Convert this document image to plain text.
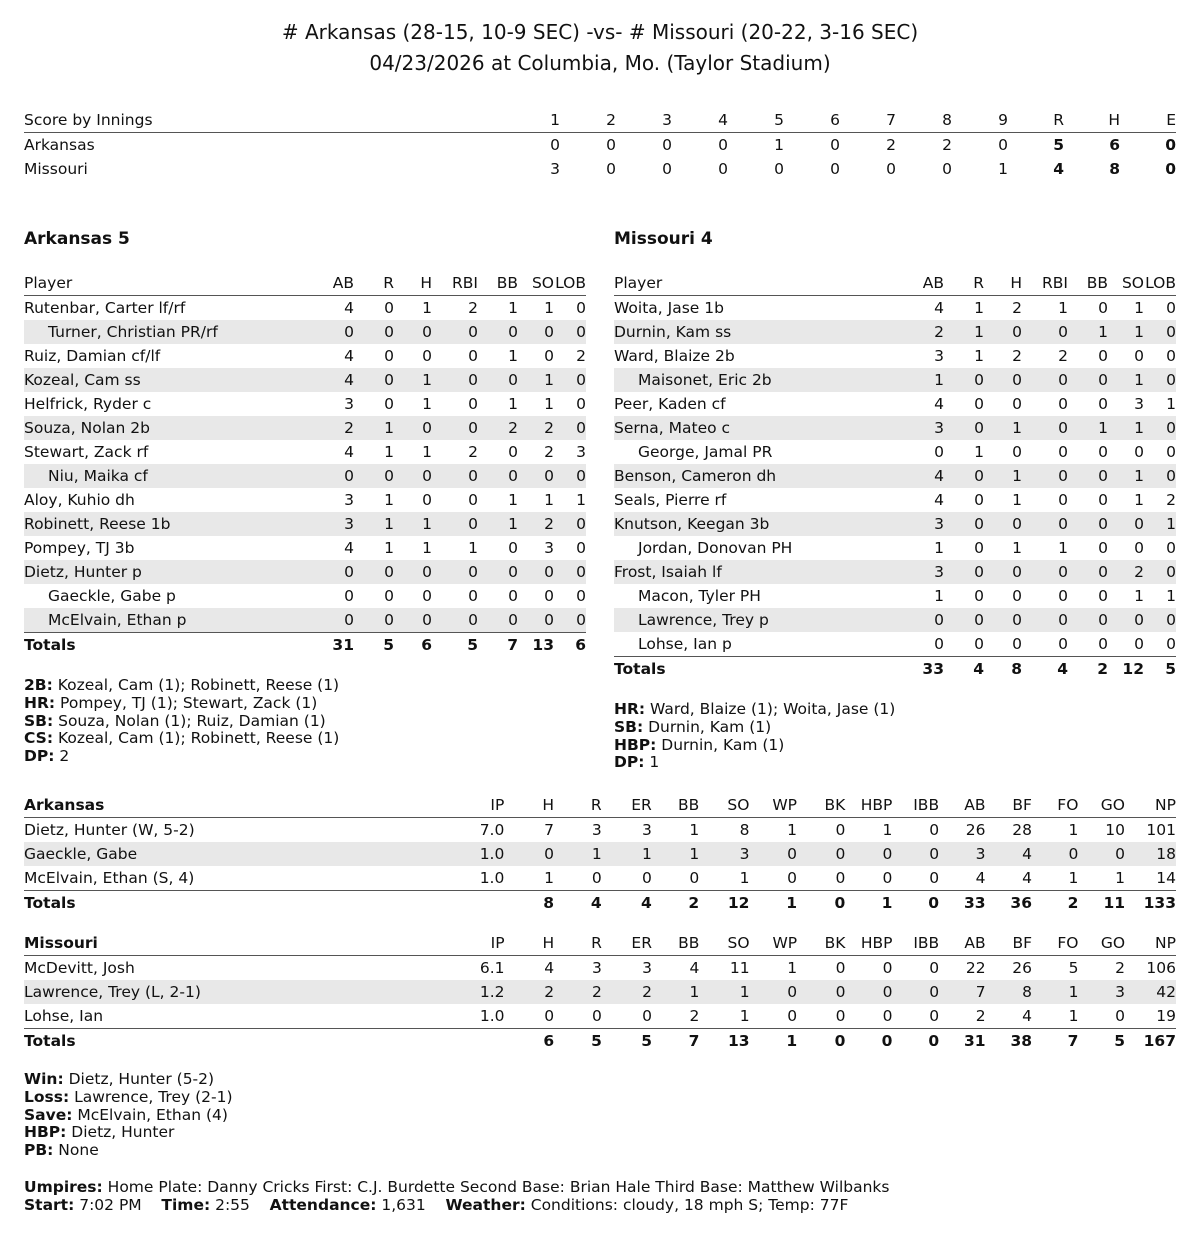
# Arkansas (28-15, 10-9 SEC) -vs- # Missouri (20-22, 3-16 SEC)
04/23/2026 at Columbia, Mo. (Taylor Stadium)
Score by Innings	1	2	3	4	5	6	7	8	9	R	H	E
Arkansas	0	0	0	0	1	0	2	2	0	5	6	0
Missouri	3	0	0	0	0	0	0	0	1	4	8	0
Arkansas 5	Missouri 4
Player	AB	R	H	RBI	BB	SO	LOB
Rutenbar, Carter lf/rf	4	0	1	2	1	1	0
Turner, Christian PR/rf	0	0	0	0	0	0	0
Ruiz, Damian cf/lf	4	0	0	0	1	0	2
Kozeal, Cam ss	4	0	1	0	0	1	0
Helfrick, Ryder c	3	0	1	0	1	1	0
Souza, Nolan 2b	2	1	0	0	2	2	0
Stewart, Zack rf	4	1	1	2	0	2	3
Niu, Maika cf	0	0	0	0	0	0	0
Aloy, Kuhio dh	3	1	0	0	1	1	1
Robinett, Reese 1b	3	1	1	0	1	2	0
Pompey, TJ 3b	4	1	1	1	0	3	0
Dietz, Hunter p	0	0	0	0	0	0	0
Gaeckle, Gabe p	0	0	0	0	0	0	0
McElvain, Ethan p	0	0	0	0	0	0	0
Totals	31	5	6	5	7	13	6
Player	AB	R	H	RBI	BB	SO	LOB
Woita, Jase 1b	4	1	2	1	0	1	0
Durnin, Kam ss	2	1	0	0	1	1	0
Ward, Blaize 2b	3	1	2	2	0	0	0
Maisonet, Eric 2b	1	0	0	0	0	1	0
Peer, Kaden cf	4	0	0	0	0	3	1
Serna, Mateo c	3	0	1	0	1	1	0
George, Jamal PR	0	1	0	0	0	0	0
Benson, Cameron dh	4	0	1	0	0	1	0
Seals, Pierre rf	4	0	1	0	0	1	2
Knutson, Keegan 3b	3	0	0	0	0	0	1
Jordan, Donovan PH	1	0	1	1	0	0	0
Frost, Isaiah lf	3	0	0	0	0	2	0
Macon, Tyler PH	1	0	0	0	0	1	1
Lawrence, Trey p	0	0	0	0	0	0	0
Lohse, Ian p	0	0	0	0	0	0	0
Totals	33	4	8	4	2	12	5
2B: Kozeal, Cam (1); Robinett, Reese (1)
HR: Pompey, TJ (1); Stewart, Zack (1)
SB: Souza, Nolan (1); Ruiz, Damian (1)
CS: Kozeal, Cam (1); Robinett, Reese (1)
DP: 2
HR: Ward, Blaize (1); Woita, Jase (1)
SB: Durnin, Kam (1)
HBP: Durnin, Kam (1)
DP: 1
Arkansas	IP	H	R	ER	BB	SO	WP	BK	HBP	IBB	AB	BF	FO	GO	NP
Dietz, Hunter (W, 5-2)	7.0	7	3	3	1	8	1	0	1	0	26	28	1	10	101
Gaeckle, Gabe	1.0	0	1	1	1	3	0	0	0	0	3	4	0	0	18
McElvain, Ethan (S, 4)	1.0	1	0	0	0	1	0	0	0	0	4	4	1	1	14
Totals		8	4	4	2	12	1	0	1	0	33	36	2	11	133
Missouri	IP	H	R	ER	BB	SO	WP	BK	HBP	IBB	AB	BF	FO	GO	NP
McDevitt, Josh	6.1	4	3	3	4	11	1	0	0	0	22	26	5	2	106
Lawrence, Trey (L, 2-1)	1.2	2	2	2	1	1	0	0	0	0	7	8	1	3	42
Lohse, Ian	1.0	0	0	0	2	1	0	0	0	0	2	4	1	0	19
Totals		6	5	5	7	13	1	0	0	0	31	38	7	5	167
Win: Dietz, Hunter (5-2)
Loss: Lawrence, Trey (2-1)
Save: McElvain, Ethan (4)
HBP: Dietz, Hunter
PB: None
Umpires: Home Plate: Danny Cricks First: C.J. Burdette Second Base: Brian Hale Third Base: Matthew Wilbanks
Start: 7:02 PM Time: 2:55 Attendance: 1,631 Weather: Conditions: cloudy, 18 mph S; Temp: 77F
